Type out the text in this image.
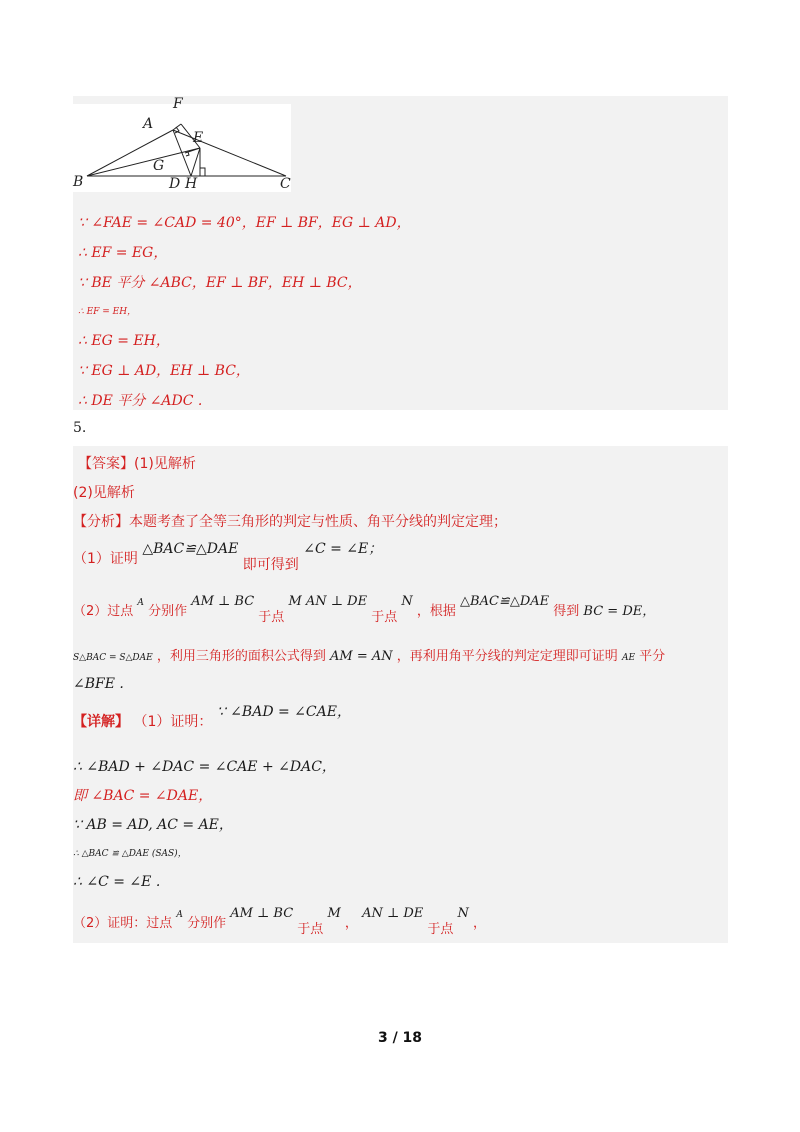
F
A
E
G
B	D H	C
∵ ∠FAE = ∠CAD = 40°，EF ⊥ BF，EG ⊥ AD，
∴ EF = EG，
∵ BE 平分 ∠ABC，EF ⊥ BF，EH ⊥ BC，
∴ EF = EH，
∴ EG = EH，
∵ EG ⊥ AD，EH ⊥ BC，
∴ DE 平分 ∠ADC .
5.
【答案】(1)见解析
(2)见解析
【分析】本题考查了全等三角形的判定与性质、角平分线的判定定理；
（1）证明 △BAC≌△DAE 即可得到 ∠C = ∠E；
（2）过点 $^A$ 分别作 AM ⊥ BC 于点 M AN ⊥ DE 于点 N ，根据 △BAC≌△DAE 得到 BC = DE，
S△BAC = S△DAE ，利用三角形的面积公式得到 AM = AN ，再利用角平分线的判定定理即可证明 AE 平分
∠BFE .
【详解】 （1）证明： ∵ ∠BAD = ∠CAE，
∴ ∠BAD + ∠DAC = ∠CAE + ∠DAC，
即 ∠BAC = ∠DAE，
∵ AB = AD, AC = AE，
∴ △BAC ≌ △DAE (SAS)，
∴ ∠C = ∠E .
（2）证明：过点 $^A$ 分别作 AM ⊥ BC 于点 M ， AN ⊥ DE 于点 N ，
3 / 18
